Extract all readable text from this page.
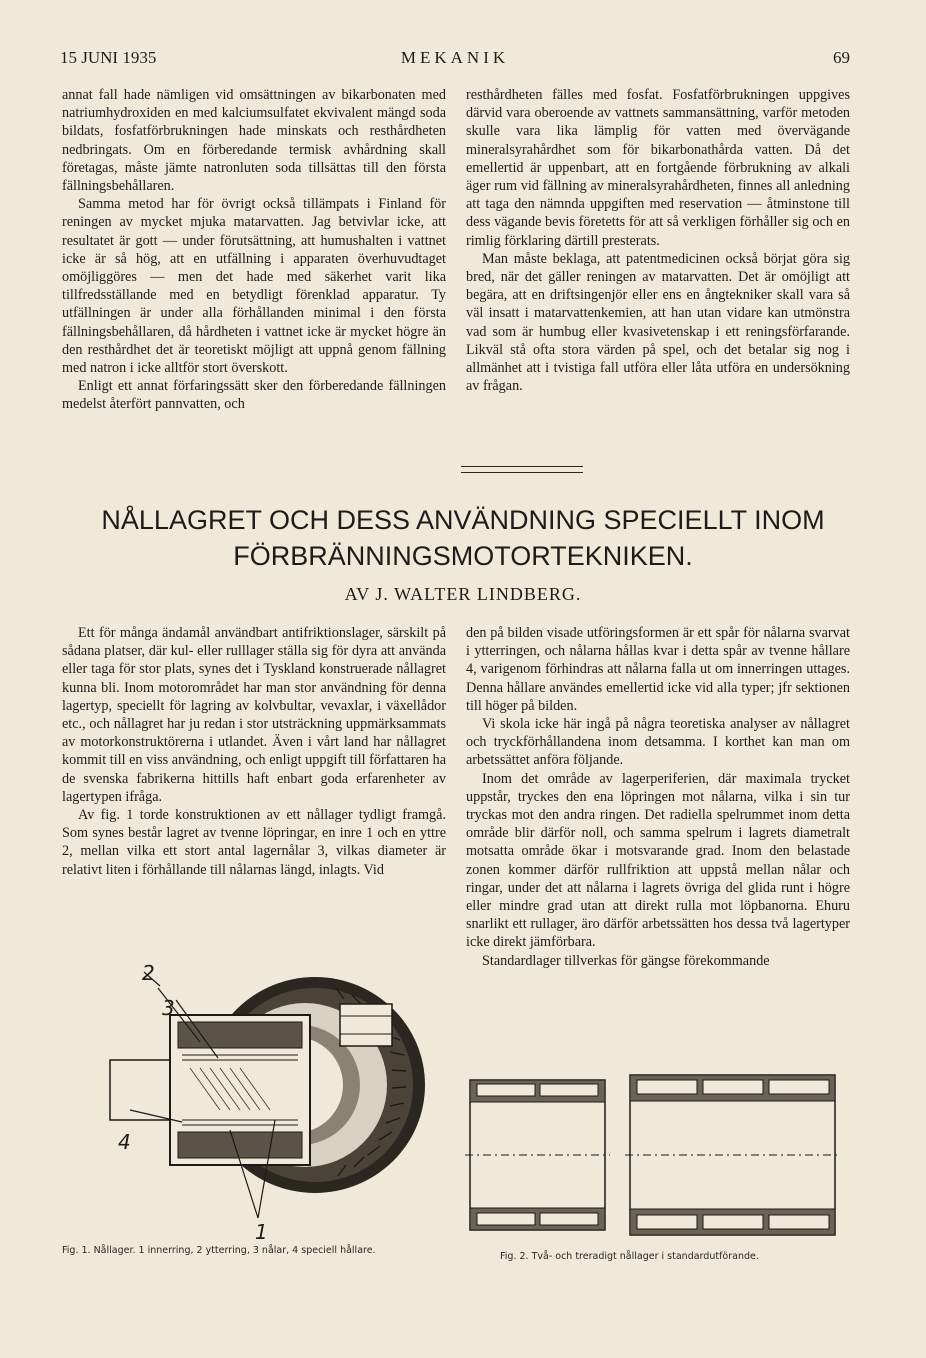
15 JUNI 1935	MEKANIK	69

annat fall hade nämligen vid omsättningen av bikarbonaten med natriumhydroxiden en med kalciumsulfatet ekvivalent mängd soda bildats, fosfatförbrukningen hade minskats och resthårdheten nedbringats. Om en förberedande termisk avhårdning skall företagas, måste jämte natronluten soda tillsättas till den första fällningsbehållaren.

Samma metod har för övrigt också tillämpats i Finland för reningen av mycket mjuka matarvatten. Jag betvivlar icke, att resultatet är gott — under förutsättning, att humushalten i vattnet icke är så hög, att en utfällning i apparaten överhuvudtaget omöjliggöres — men det hade med säkerhet varit lika tillfredsställande med en betydligt förenklad apparatur. Ty utfällningen är under alla förhållanden minimal i den första fällningsbehållaren, då hårdheten i vattnet icke är mycket högre än den resthårdhet det är teoretiskt möjligt att uppnå genom fällning med natron i icke alltför stort överskott.

Enligt ett annat förfaringssätt sker den förberedande fällningen medelst återfört pannvatten, och

resthårdheten fälles med fosfat. Fosfatförbrukningen uppgives därvid vara oberoende av vattnets sammansättning, varför metoden skulle vara lika lämplig för vatten med övervägande mineralsyrahårdhet som för bikarbonathårda vatten. Då det emellertid är uppenbart, att en fortgående förbrukning av alkali äger rum vid fällning av mineralsyrahårdheten, finnes all anledning att taga den nämnda uppgiften med reservation — åtminstone till dess vägande bevis företetts för att så verkligen förhåller sig och en rimlig förklaring därtill presterats.

Man måste beklaga, att patentmedicinen också börjat göra sig bred, när det gäller reningen av matarvatten. Det är omöjligt att begära, att en driftsingenjör eller ens en ångtekniker skall vara så väl insatt i matarvattenkemien, att han utan vidare kan utmönstra vad som är humbug eller kvasivetenskap i ett reningsförfarande. Likväl stå ofta stora värden på spel, och det betalar sig nog i allmänhet att i tvistiga fall utföra eller låta utföra en undersökning av frågan.

NÅLLAGRET OCH DESS ANVÄNDNING SPECIELLT INOM
FÖRBRÄNNINGSMOTORTEKNIKEN.
AV J. WALTER LINDBERG.

Ett för många ändamål användbart antifriktionslager, särskilt på sådana platser, där kul- eller rulllager ställa sig för dyra att använda eller taga för stor plats, synes det i Tyskland konstruerade nållagret kunna bli. Inom motorområdet har man stor användning för denna lagertyp, speciellt för lagring av kolvbultar, vevaxlar, i växellådor etc., och nållagret har ju redan i stor utsträckning uppmärksammats av motorkonstruktörerna i utlandet. Även i vårt land har nållagret kommit till en viss användning, och enligt uppgift till författaren ha de svenska fabrikerna hittills haft enbart goda erfarenheter av lagertypen ifråga.

Av fig. 1 torde konstruktionen av ett nållager tydligt framgå. Som synes består lagret av tvenne löpringar, en inre 1 och en yttre 2, mellan vilka ett stort antal lagernålar 3, vilkas diameter är relativt liten i förhållande till nålarnas längd, inlagts. Vid

den på bilden visade utföringsformen är ett spår för nålarna svarvat i ytterringen, och nålarna hållas kvar i detta spår av tvenne hållare 4, varigenom förhindras att nålarna falla ut om innerringen uttages. Denna hållare användes emellertid icke vid alla typer; jfr sektionen till höger på bilden.

Vi skola icke här ingå på några teoretiska analyser av nållagret och tryckförhållandena inom detsamma. I korthet kan man om arbetssättet anföra följande.

Inom det område av lagerperiferien, där maximala trycket uppstår, tryckes den ena löpringen mot nålarna, vilka i sin tur tryckas mot den andra ringen. Det radiella spelrummet inom detta område blir därför noll, och samma spelrum i lagrets diametralt motsatta område ökar i motsvarande grad. Inom den belastade zonen kommer därför rullfriktion att uppstå mellan nålar och ringar, under det att nålarna i lagrets övriga del glida runt i högre eller mindre grad utan att direkt rulla mot löpbanorna. Ehuru snarlikt ett rullager, äro därför arbetssätten hos dessa två lagertyper icke direkt jämförbara.

Standardlager tillverkas för gängse förekommande

2
3
4
1
Fig. 1. Nållager. 1 innerring, 2 ytterring, 3 nålar, 4 speciell hållare.
Fig. 2. Två- och treradigt nållager i standardutförande.
